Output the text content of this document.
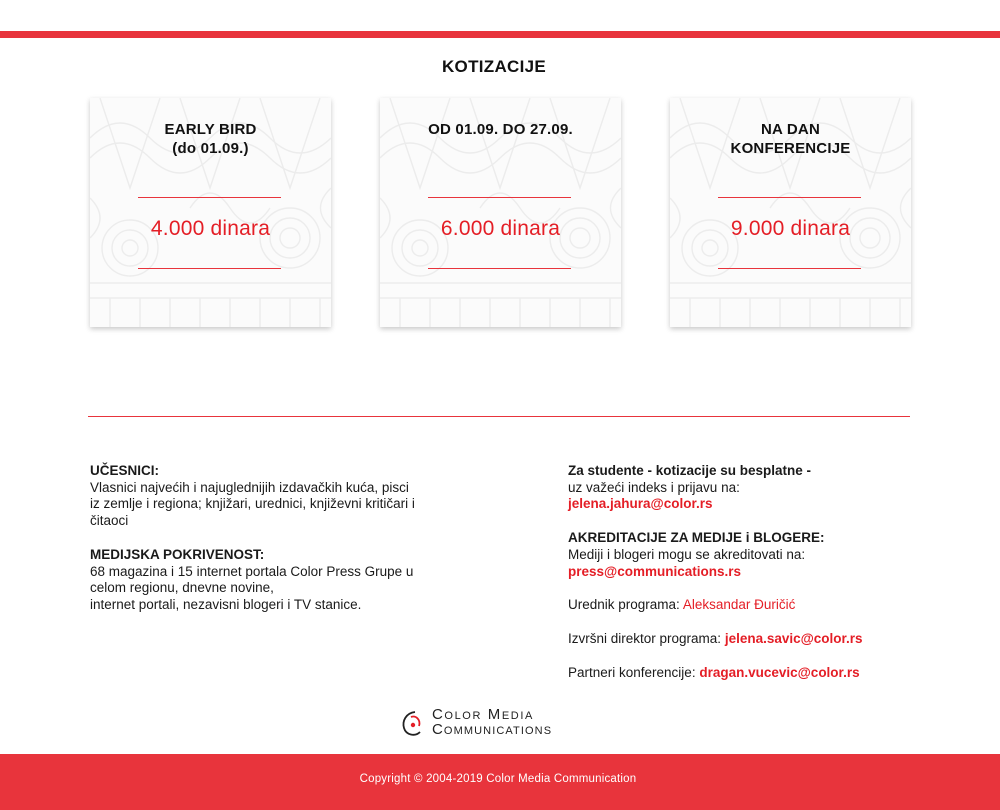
KOTIZACIJE
EARLY BIRD
(do 01.09.)
4.000 dinara
OD 01.09. DO 27.09.
6.000 dinara
NA DAN
KONFERENCIJE
9.000 dinara
UČESNICI:
Vlasnici najvećih i najuglednijih izdavačkih kuća, pisci
iz zemlje i regiona; knjižari, urednici, književni kritičari i
čitaoci
MEDIJSKA POKRIVENOST:
68 magazina i 15 internet portala Color Press Grupe u
celom regionu, dnevne novine,
internet portali, nezavisni blogeri i TV stanice.
Za studente - kotizacije su besplatne -
uz važeći indeks i prijavu na:
jelena.jahura@color.rs
AKREDITACIJE ZA MEDIJE i BLOGERE:
Mediji i blogeri mogu se akreditovati na:
press@communications.rs
Urednik programa: Aleksandar Đuričić
Izvršni direktor programa: jelena.savic@color.rs
Partneri konferencije: dragan.vucevic@color.rs
Color Media
Communications
Copyright © 2004-2019 Color Media Communication
